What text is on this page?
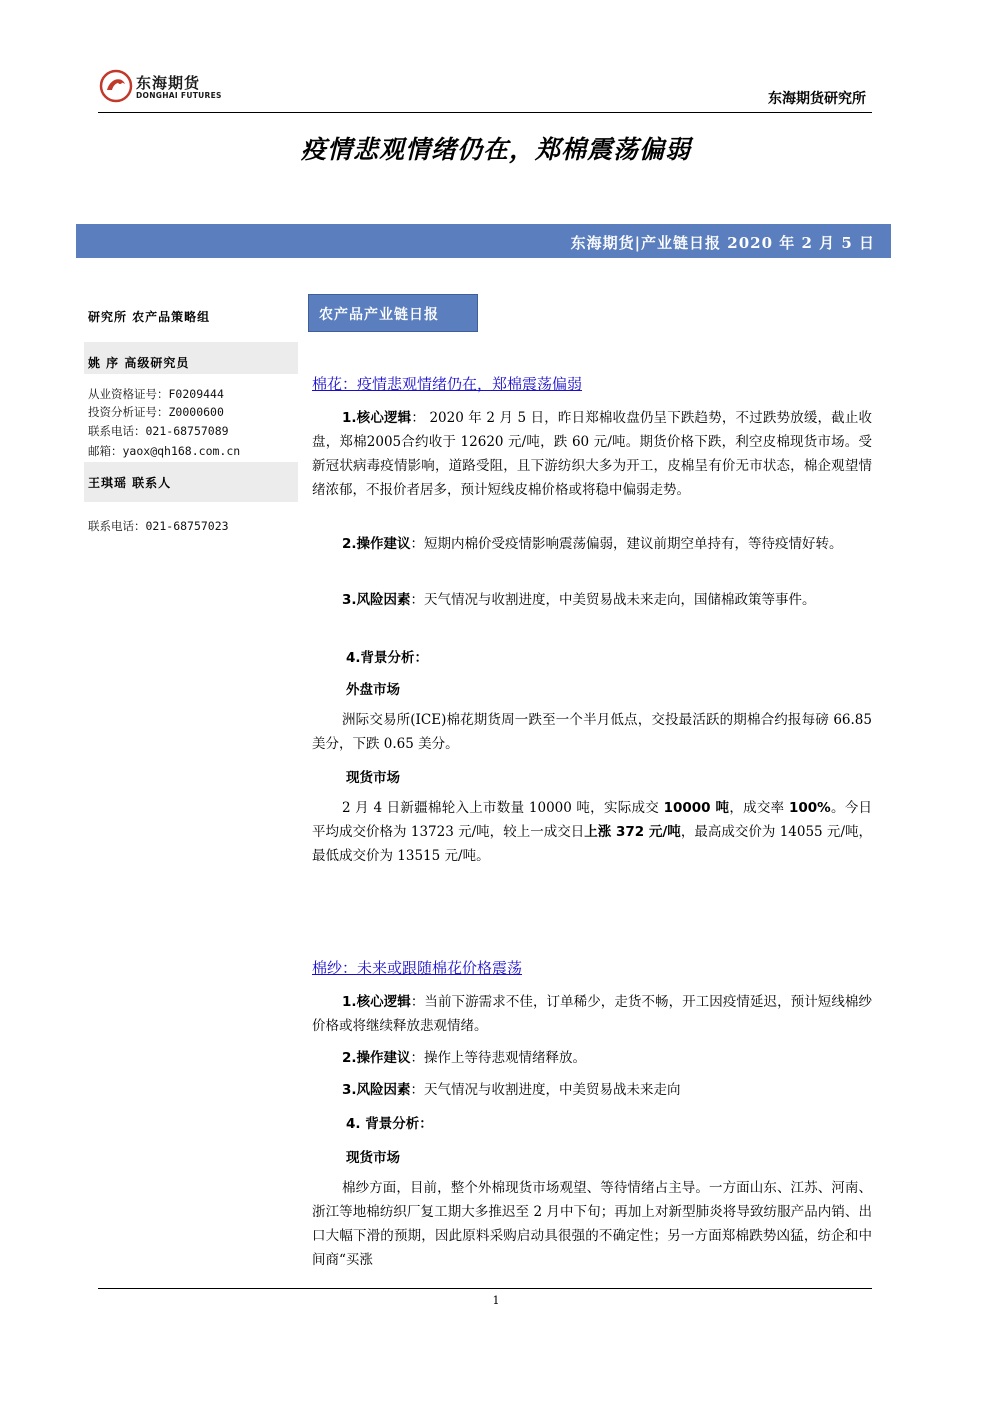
东海期货
DONGHAI FUTURES	东海期货研究所
疫情悲观情绪仍在，郑棉震荡偏弱
东海期货|产业链日报 2020 年 2 月 5 日
研究所 农产品策略组
姚 序 高级研究员
从业资格证号：F0209444
投资分析证号：Z0000600
联系电话：021-68757089
邮箱：yaox@qh168.com.cn
王琪瑶 联系人
联系电话：021-68757023
农产品产业链日报
棉花：疫情悲观情绪仍在，郑棉震荡偏弱
1.核心逻辑： 2020 年 2 月 5 日，昨日郑棉收盘仍呈下跌趋势，不过跌势放缓，截止收盘，郑棉2005合约收于 12620 元/吨，跌 60 元/吨。期货价格下跌，利空皮棉现货市场。受新冠状病毒疫情影响，道路受阻，且下游纺织大多为开工，皮棉呈有价无市状态，棉企观望情绪浓郁，不报价者居多，预计短线皮棉价格或将稳中偏弱走势。
2.操作建议：短期内棉价受疫情影响震荡偏弱，建议前期空单持有，等待疫情好转。
3.风险因素：天气情况与收割进度，中美贸易战未来走向，国储棉政策等事件。
4.背景分析：
外盘市场
洲际交易所(ICE)棉花期货周一跌至一个半月低点，交投最活跃的期棉合约报每磅 66.85 美分，下跌 0.65 美分。
现货市场
2 月 4 日新疆棉轮入上市数量 10000 吨，实际成交 10000 吨，成交率 100%。今日平均成交价格为 13723 元/吨，较上一成交日上涨 372 元/吨，最高成交价为 14055 元/吨，最低成交价为 13515 元/吨。
棉纱：未来或跟随棉花价格震荡
1.核心逻辑：当前下游需求不佳，订单稀少，走货不畅，开工因疫情延迟，预计短线棉纱价格或将继续释放悲观情绪。
2.操作建议：操作上等待悲观情绪释放。
3.风险因素：天气情况与收割进度，中美贸易战未来走向
4. 背景分析：
现货市场
棉纱方面，目前，整个外棉现货市场观望、等待情绪占主导。一方面山东、江苏、河南、浙江等地棉纺织厂复工期大多推迟至 2 月中下旬；再加上对新型肺炎将导致纺服产品内销、出口大幅下滑的预期，因此原料采购启动具很强的不确定性；另一方面郑棉跌势凶猛，纺企和中间商“买涨
1
